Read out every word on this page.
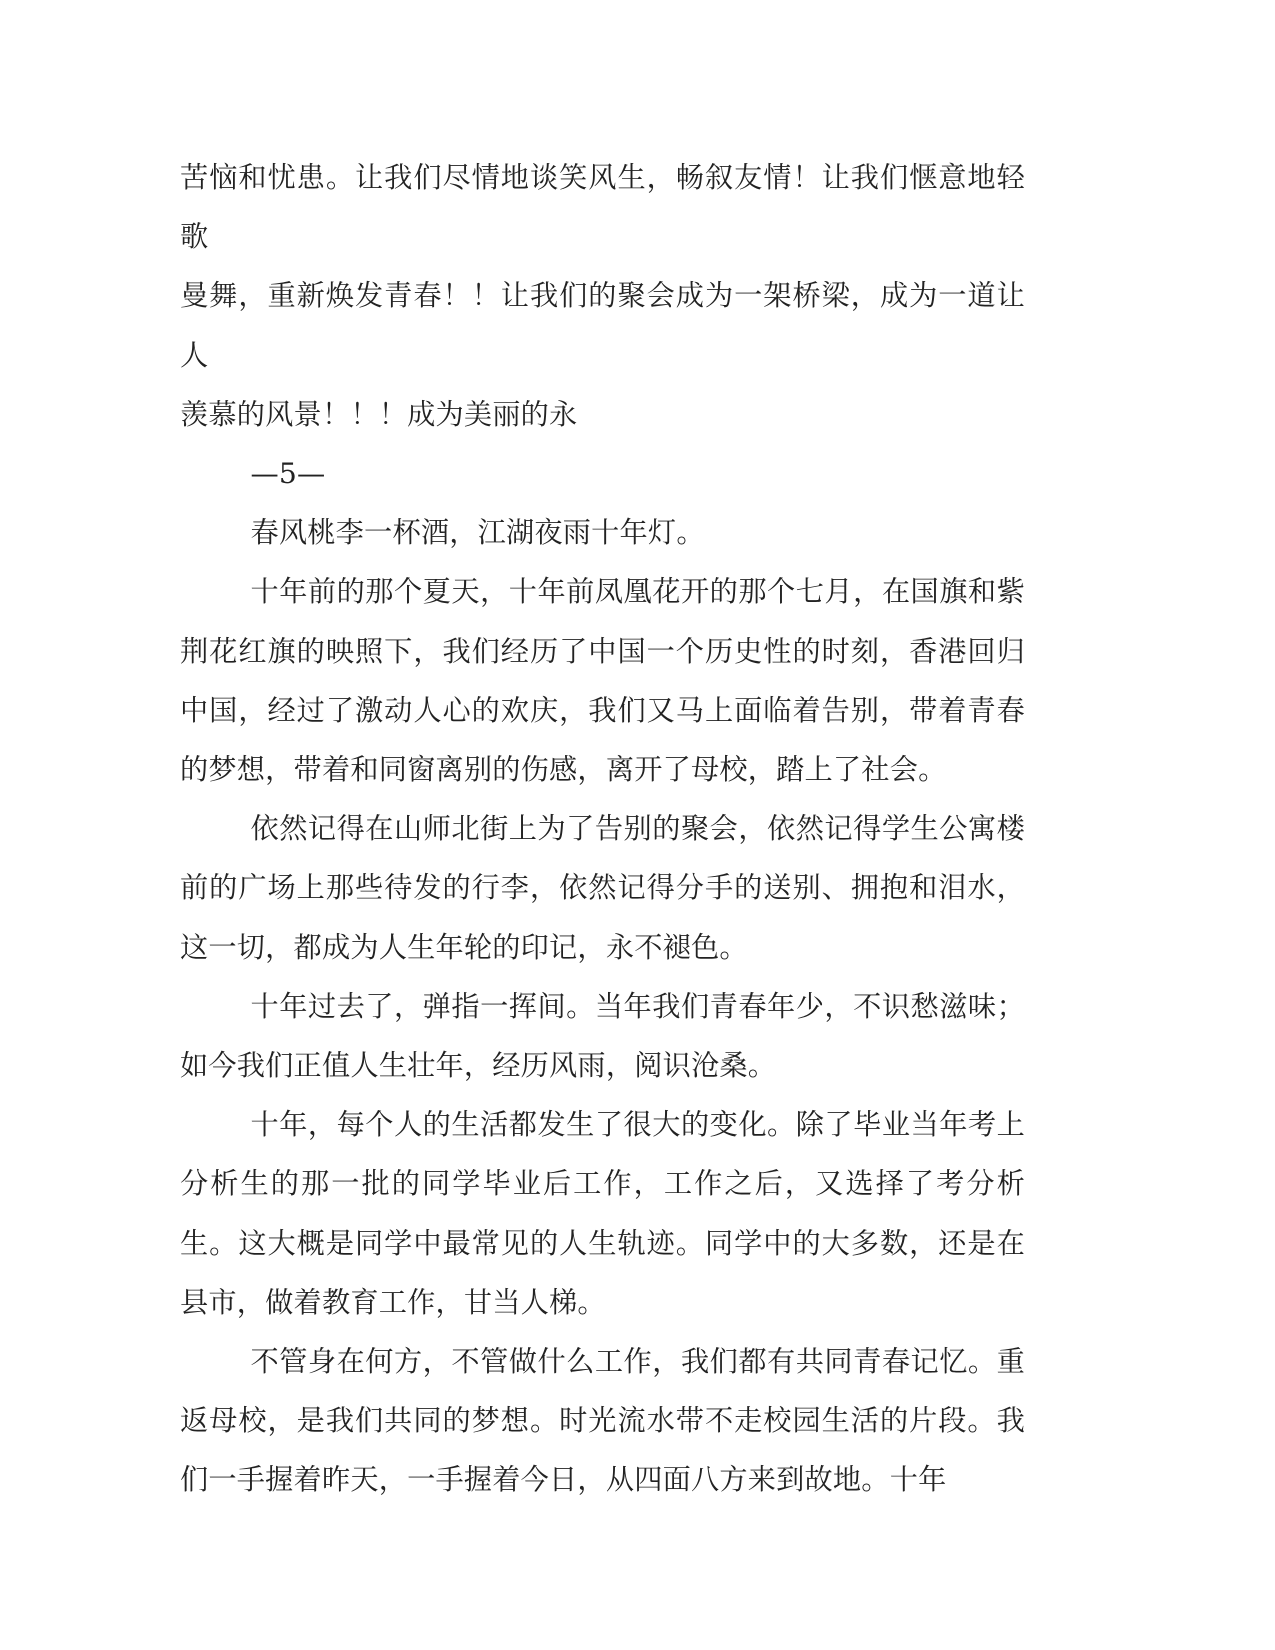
苦恼和忧患。让我们尽情地谈笑风生，畅叙友情！让我们惬意地轻歌
曼舞，重新焕发青春！！让我们的聚会成为一架桥梁，成为一道让人
羡慕的风景！！！成为美丽的永

—5—

春风桃李一杯酒，江湖夜雨十年灯。

十年前的那个夏天，十年前凤凰花开的那个七月，在国旗和紫荆花红旗的映照下，我们经历了中国一个历史性的时刻，香港回归中国，经过了激动人心的欢庆，我们又马上面临着告别，带着青春的梦想，带着和同窗离别的伤感，离开了母校，踏上了社会。

依然记得在山师北街上为了告别的聚会，依然记得学生公寓楼前的广场上那些待发的行李，依然记得分手的送别、拥抱和泪水，这一切，都成为人生年轮的印记，永不褪色。

十年过去了，弹指一挥间。当年我们青春年少，不识愁滋味；如今我们正值人生壮年，经历风雨，阅识沧桑。

十年，每个人的生活都发生了很大的变化。除了毕业当年考上分析生的那一批的同学毕业后工作，工作之后，又选择了考分析生。这大概是同学中最常见的人生轨迹。同学中的大多数，还是在县市，做着教育工作，甘当人梯。

不管身在何方，不管做什么工作，我们都有共同青春记忆。重返母校，是我们共同的梦想。时光流水带不走校园生活的片段。我们一手握着昨天，一手握着今日，从四面八方来到故地。十年
